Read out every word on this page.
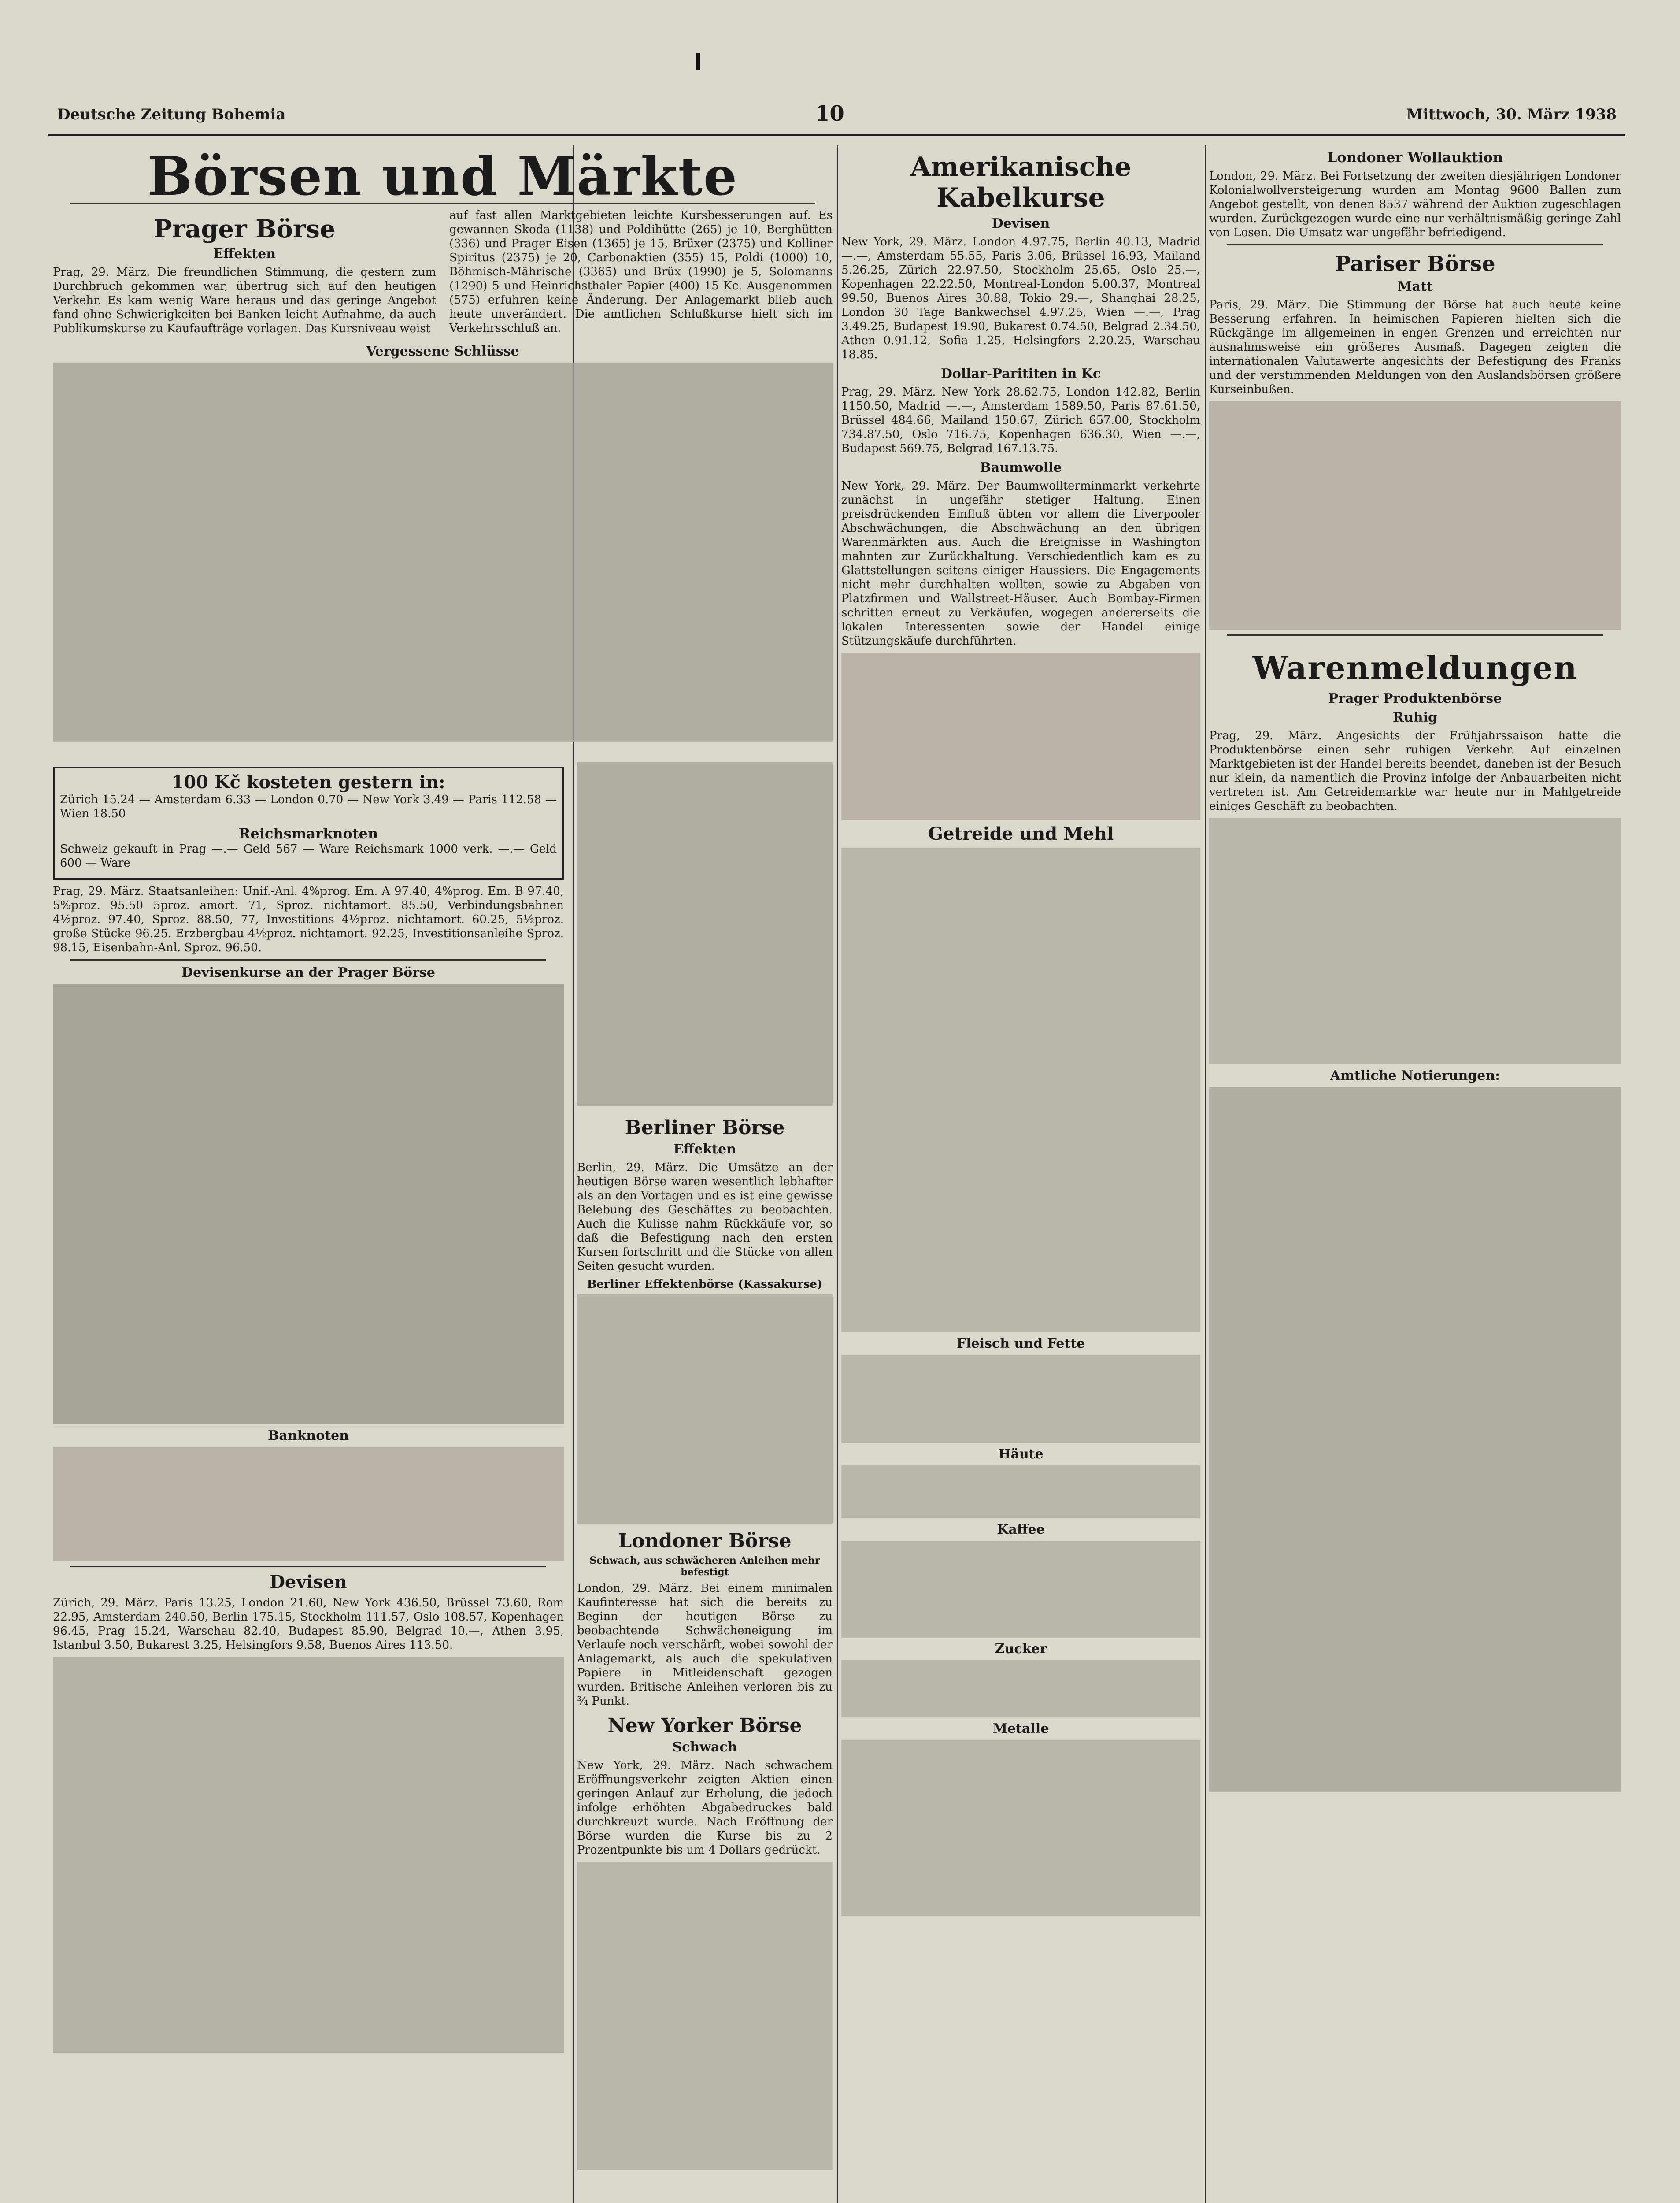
Deutsche Zeitung Bohemia	10	Mittwoch, 30. März 1938
Börsen und Märkte
Prager Börse
Effekten

Prag, 29. März. Die freundlichen Stimmung, die gestern zum Durchbruch gekommen war, übertrug sich auf den heutigen Verkehr. Es kam wenig Ware heraus und das geringe Angebot fand ohne Schwierigkeiten bei Banken leicht Aufnahme, da auch Publikumskurse zu Kaufaufträge vorlagen. Das Kursniveau weist

auf fast allen Marktgebieten leichte Kursbesserungen auf. Es gewannen Skoda (1138) und Poldihütte (265) je 10, Berghütten (336) und Prager Eisen (1365) je 15, Brüxer (2375) und Kolliner Spiritus (2375) je 20, Carbonaktien (355) 15, Poldi (1000) 10, Böhmisch-Mährische (3365) und Brüx (1990) je 5, Solomanns (1290) 5 und Heinrichsthaler Papier (400) 15 Kc. Ausgenommen (575) erfuhren keine Änderung. Der Anlagemarkt blieb auch heute unverändert. Die amtlichen Schlußkurse hielt sich im Verkehrsschluß an.

Vergessene Schlüsse
100 Kč kosteten gestern in:

Zürich 15.24 — Amsterdam 6.33 — London 0.70 — New York 3.49 — Paris 112.58 — Wien 18.50

Reichsmarknoten

Schweiz gekauft in Prag —.— Geld 567 — Ware Reichsmark 1000 verk. —.— Geld 600 — Ware

Prag, 29. März. Staatsanleihen: Unif.-Anl. 4%prog. Em. A 97.40, 4%prog. Em. B 97.40, 5%proz. 95.50 5proz. amort. 71, Sproz. nichtamort. 85.50, Verbindungsbahnen 4½proz. 97.40, Sproz. 88.50, 77, Investitions 4½proz. nichtamort. 60.25, 5½proz. große Stücke 96.25. Erzbergbau 4½proz. nichtamort. 92.25, Investitionsanleihe Sproz. 98.15, Eisenbahn-Anl. Sproz. 96.50.

Devisenkurse an der Prager Börse
Banknoten
Devisen

Zürich, 29. März. Paris 13.25, London 21.60, New York 436.50, Brüssel 73.60, Rom 22.95, Amsterdam 240.50, Berlin 175.15, Stockholm 111.57, Oslo 108.57, Kopenhagen 96.45, Prag 15.24, Warschau 82.40, Budapest 85.90, Belgrad 10.—, Athen 3.95, Istanbul 3.50, Bukarest 3.25, Helsingfors 9.58, Buenos Aires 113.50.

Amerikanische Kabelkurse
Devisen

New York, 29. März. London 4.97.75, Berlin 40.13, Madrid —.—, Amsterdam 55.55, Paris 3.06, Brüssel 16.93, Mailand 5.26.25, Zürich 22.97.50, Stockholm 25.65, Oslo 25.—, Kopenhagen 22.22.50, Montreal-London 5.00.37, Montreal 99.50, Buenos Aires 30.88, Tokio 29.—, Shanghai 28.25, London 30 Tage Bankwechsel 4.97.25, Wien —.—, Prag 3.49.25, Budapest 19.90, Bukarest 0.74.50, Belgrad 2.34.50, Athen 0.91.12, Sofia 1.25, Helsingfors 2.20.25, Warschau 18.85.

Dollar-Parititen in Kc

Prag, 29. März. New York 28.62.75, London 142.82, Berlin 1150.50, Madrid —.—, Amsterdam 1589.50, Paris 87.61.50, Brüssel 484.66, Mailand 150.67, Zürich 657.00, Stockholm 734.87.50, Oslo 716.75, Kopenhagen 636.30, Wien —.—, Budapest 569.75, Belgrad 167.13.75.

Baumwolle

New York, 29. März. Der Baumwollterminmarkt verkehrte zunächst in ungefähr stetiger Haltung. Einen preisdrückenden Einfluß übten vor allem die Liverpooler Abschwächungen, die Abschwächung an den übrigen Warenmärkten aus. Auch die Ereignisse in Washington mahnten zur Zurückhaltung. Verschiedentlich kam es zu Glattstellungen seitens einiger Haussiers. Die Engagements nicht mehr durchhalten wollten, sowie zu Abgaben von Platzfirmen und Wallstreet-Häuser. Auch Bombay-Firmen schritten erneut zu Verkäufen, wogegen andererseits die lokalen Interessenten sowie der Handel einige Stützungskäufe durchführten.

Getreide und Mehl
Fleisch und Fette
Häute
Kaffee
Zucker
Metalle
Berliner Börse
Effekten

Berlin, 29. März. Die Umsätze an der heutigen Börse waren wesentlich lebhafter als an den Vortagen und es ist eine gewisse Belebung des Geschäftes zu beobachten. Auch die Kulisse nahm Rückkäufe vor, so daß die Befestigung nach den ersten Kursen fortschritt und die Stücke von allen Seiten gesucht wurden.

Berliner Effektenbörse (Kassakurse)
Londoner Börse
Schwach, aus schwächeren Anleihen mehr befestigt

London, 29. März. Bei einem minimalen Kaufinteresse hat sich die bereits zu Beginn der heutigen Börse zu beobachtende Schwächeneigung im Verlaufe noch verschärft, wobei sowohl der Anlagemarkt, als auch die spekulativen Papiere in Mitleidenschaft gezogen wurden. Britische Anleihen verloren bis zu ¾ Punkt.

New Yorker Börse
Schwach

New York, 29. März. Nach schwachem Eröffnungsverkehr zeigten Aktien einen geringen Anlauf zur Erholung, die jedoch infolge erhöhten Abgabedruckes bald durchkreuzt wurde. Nach Eröffnung der Börse wurden die Kurse bis zu 2 Prozentpunkte bis um 4 Dollars gedrückt.

Londoner Wollauktion

London, 29. März. Bei Fortsetzung der zweiten diesjährigen Londoner Kolonialwollversteigerung wurden am Montag 9600 Ballen zum Angebot gestellt, von denen 8537 während der Auktion zugeschlagen wurden. Zurückgezogen wurde eine nur verhältnismäßig geringe Zahl von Losen. Die Umsatz war ungefähr befriedigend.

Pariser Börse
Matt

Paris, 29. März. Die Stimmung der Börse hat auch heute keine Besserung erfahren. In heimischen Papieren hielten sich die Rückgänge im allgemeinen in engen Grenzen und erreichten nur ausnahmsweise ein größeres Ausmaß. Dagegen zeigten die internationalen Valutawerte angesichts der Befestigung des Franks und der verstimmenden Meldungen von den Auslandsbörsen größere Kurseinbußen.

Warenmeldungen
Prager Produktenbörse
Ruhig

Prag, 29. März. Angesichts der Frühjahrssaison hatte die Produktenbörse einen sehr ruhigen Verkehr. Auf einzelnen Marktgebieten ist der Handel bereits beendet, daneben ist der Besuch nur klein, da namentlich die Provinz infolge der Anbauarbeiten nicht vertreten ist. Am Getreidemarkte war heute nur in Mahlgetreide einiges Geschäft zu beobachten.

Amtliche Notierungen:
